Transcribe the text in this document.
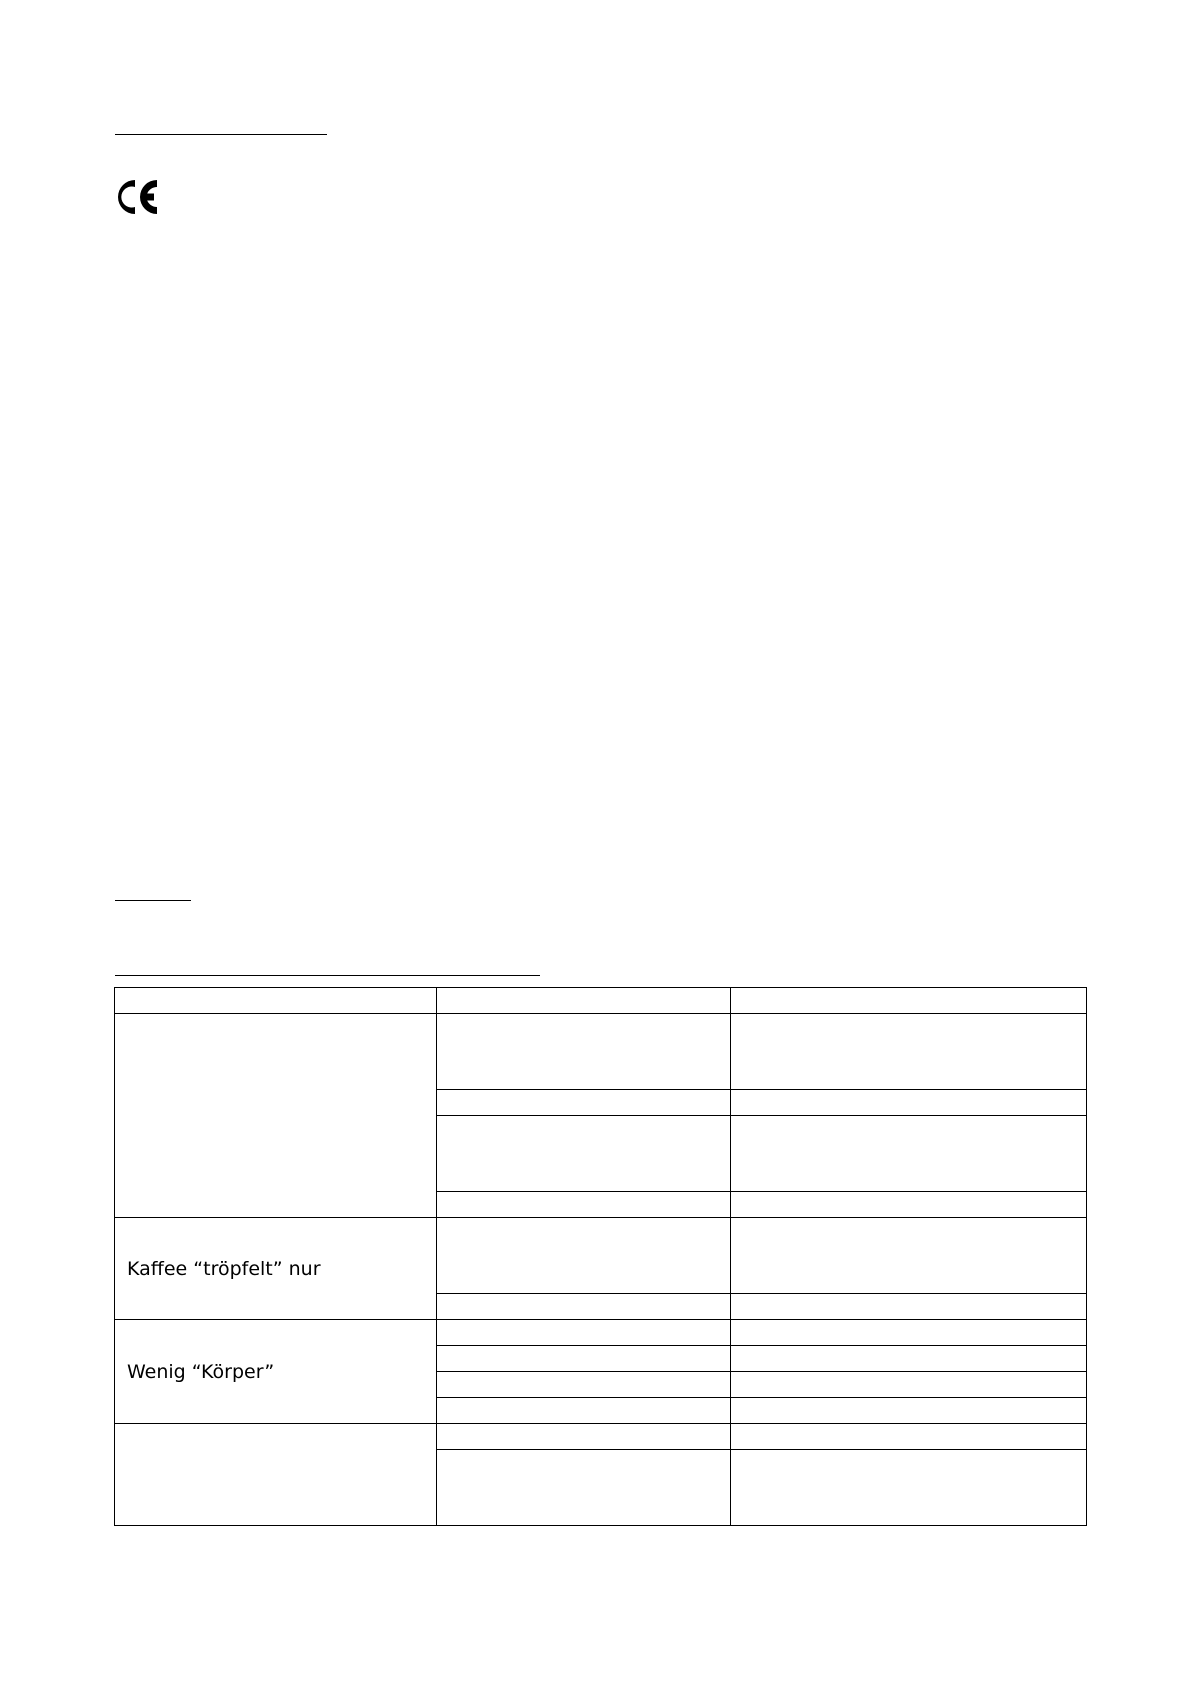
Kaffee “tröpfelt” nur		

Wenig “Körper”		
